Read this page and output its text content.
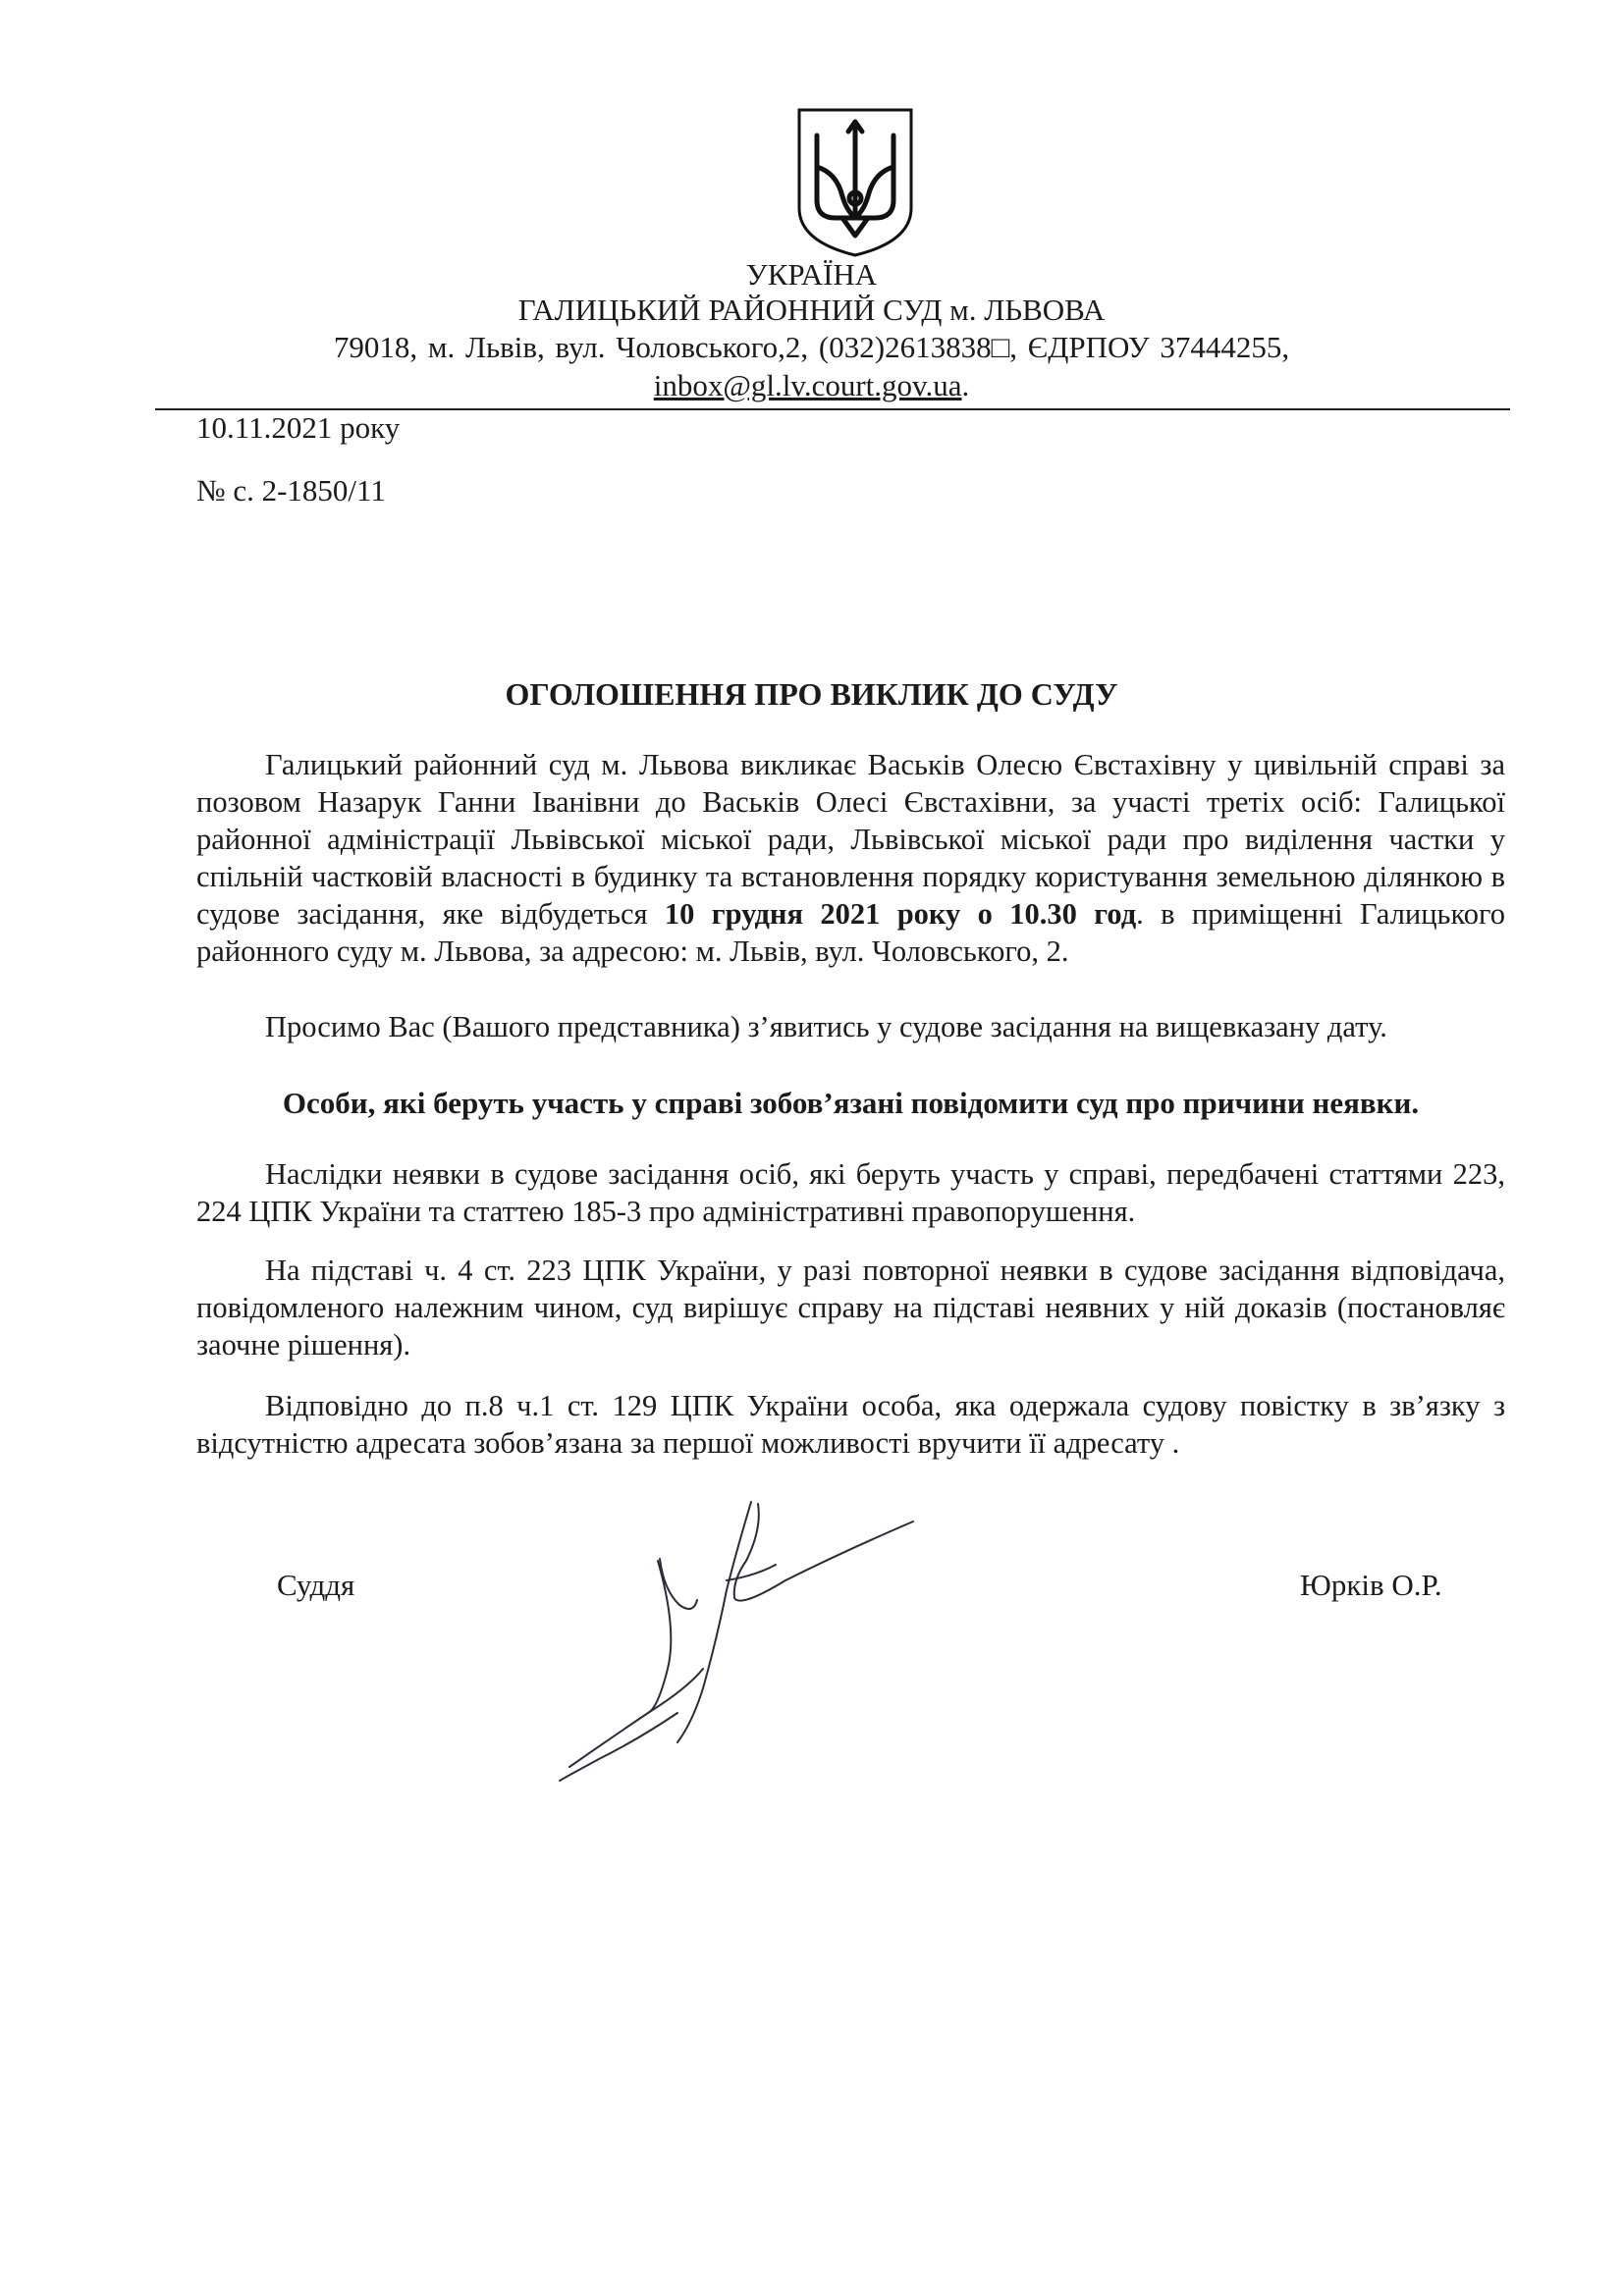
УКРАЇНА
ГАЛИЦЬКИЙ РАЙОННИЙ СУД м. ЛЬВОВА
79018, м. Львів, вул. Чоловського,2, (032)2613838□, ЄДРПОУ 37444255,
inbox@gl.lv.court.gov.ua.
10.11.2021 року
№ с. 2-1850/11
ОГОЛОШЕННЯ ПРО ВИКЛИК ДО СУДУ

Галицький районний суд м. Львова викликає Васьків Олесю Євстахівну у цивільній справі за позовом Назарук Ганни Іванівни до Васьків Олесі Євстахівни, за участі третіх осіб: Галицької районної адміністрації Львівської міської ради, Львівської міської ради про виділення частки у спільній частковій власності в будинку та встановлення порядку користування земельною ділянкою в судове засідання, яке відбудеться 10 грудня 2021 року о 10.30 год. в приміщенні Галицького районного суду м. Львова, за адресою: м. Львів, вул. Чоловського, 2.

Просимо Вас (Вашого представника) з’явитись у судове засідання на вищевказану дату.

Особи, які беруть участь у справі зобов’язані повідомити суд про причини неявки.

Наслідки неявки в судове засідання осіб, які беруть участь у справі, передбачені статтями 223, 224 ЦПК України та статтею 185-3 про адміністративні правопорушення.

На підставі ч. 4 ст. 223 ЦПК України, у разі повторної неявки в судове засідання відповідача, повідомленого належним чином, суд вирішує справу на підставі неявних у ній доказів (постановляє заочне рішення).

Відповідно до п.8 ч.1 ст. 129 ЦПК України особа, яка одержала судову повістку в зв’язку з відсутністю адресата зобов’язана за першої можливості вручити її адресату .

Суддя	Юрків О.Р.
